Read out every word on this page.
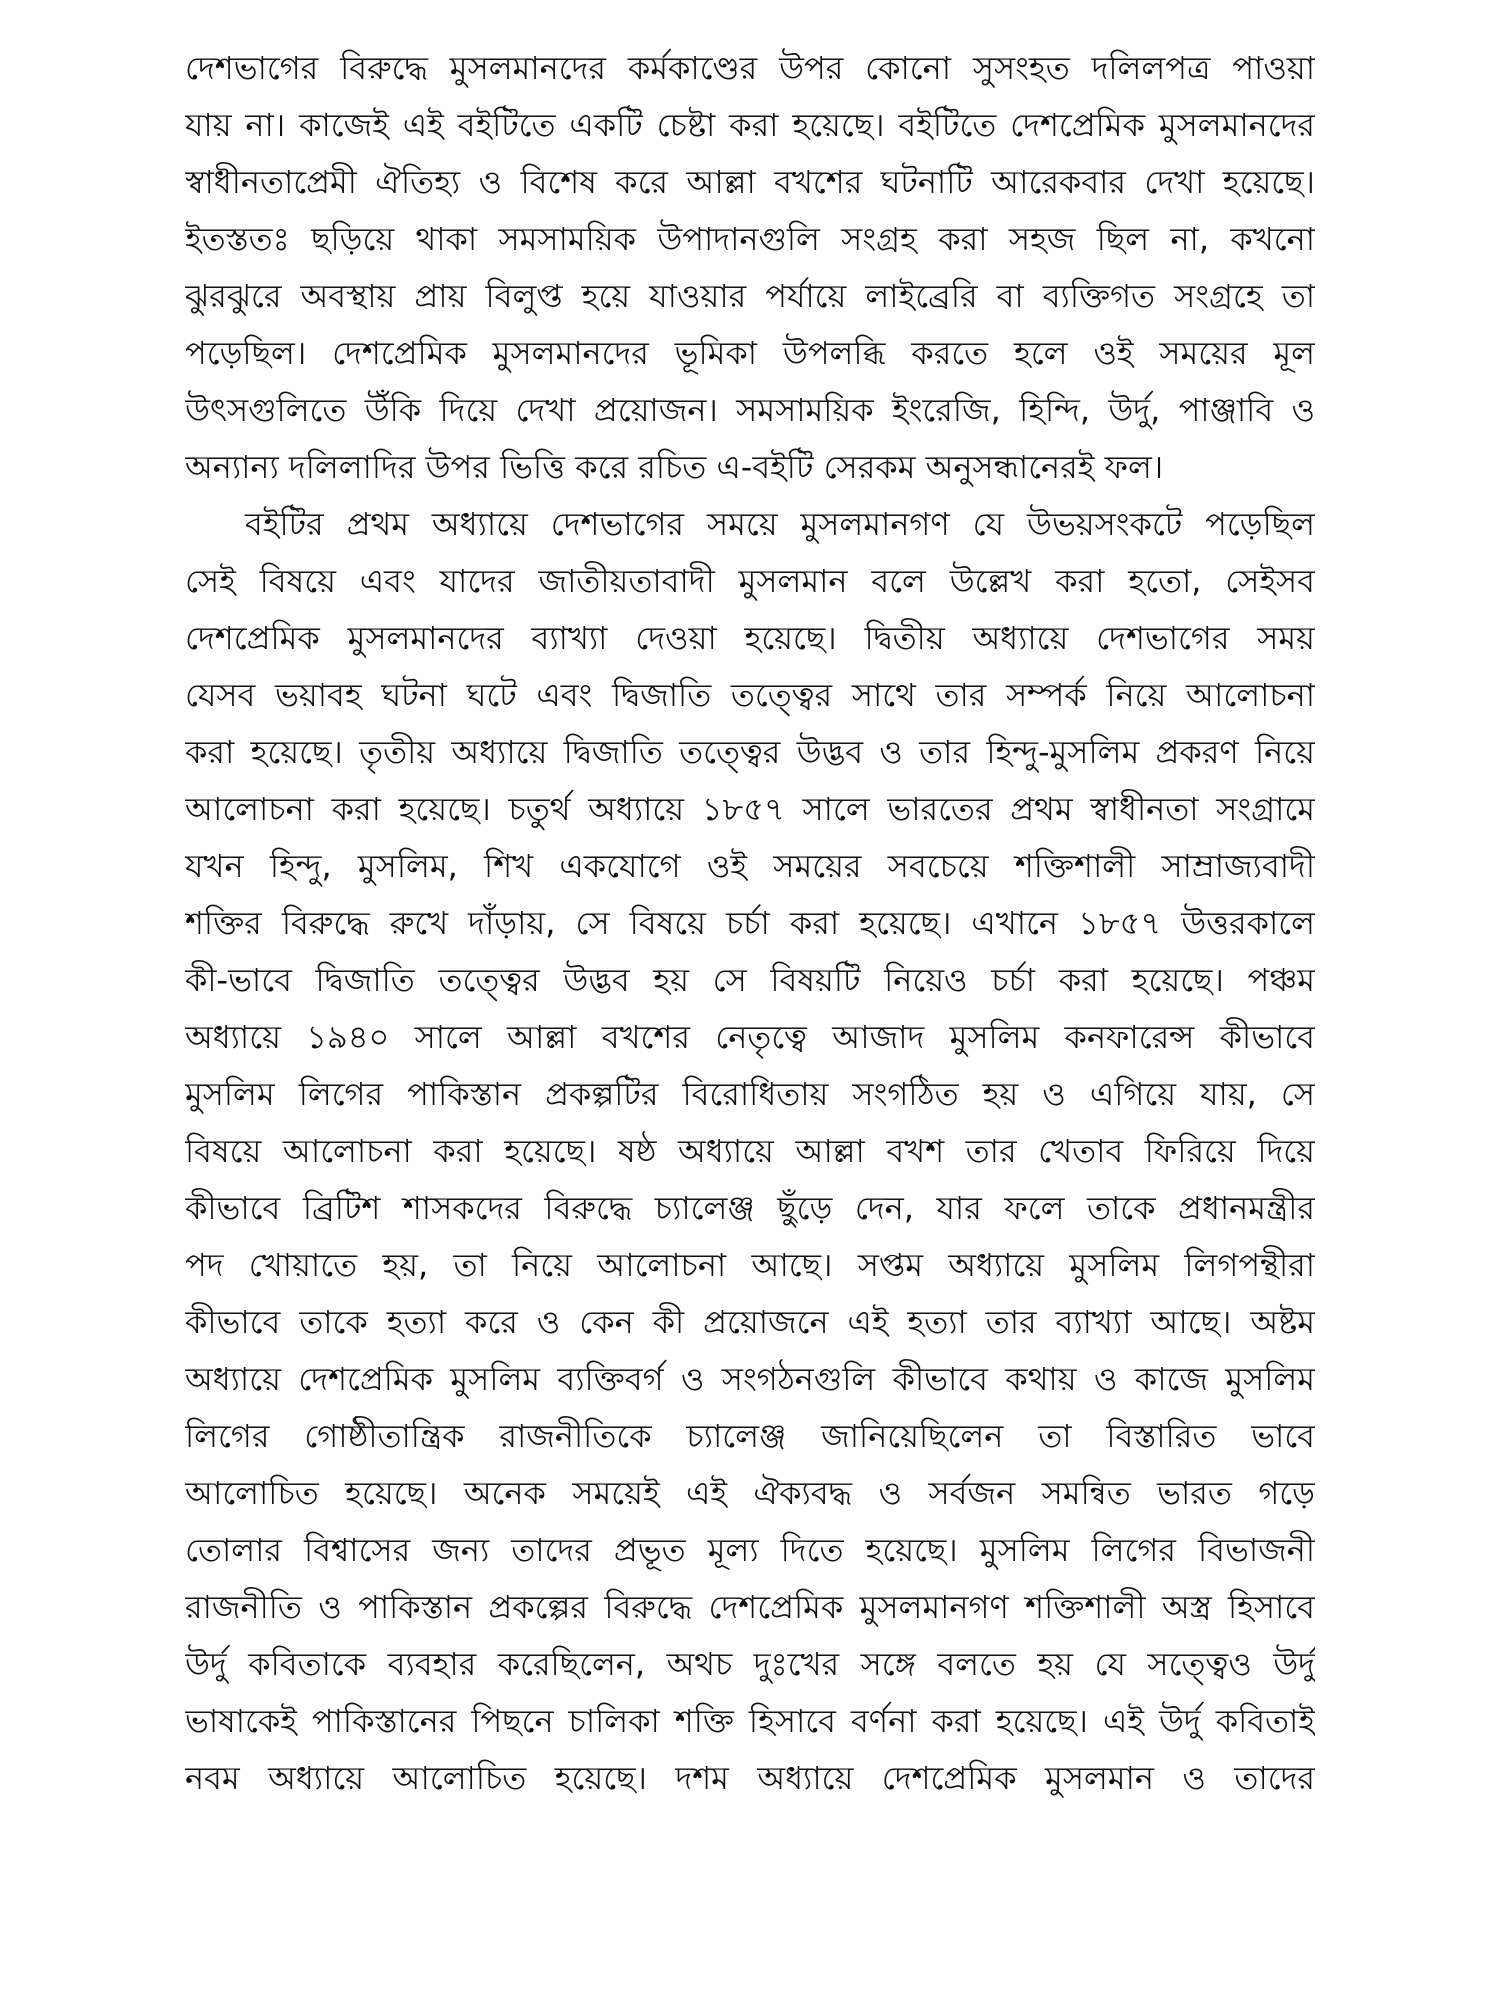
দেশভাগের বিরুদ্ধে মুসলমানদের কর্মকাণ্ডের উপর কোনো সুসংহত দলিলপত্র পাওয়া
যায় না। কাজেই এই বইটিতে একটি চেষ্টা করা হয়েছে। বইটিতে দেশপ্রেমিক মুসলমানদের
স্বাধীনতাপ্রেমী ঐতিহ্য ও বিশেষ করে আল্লা বখশের ঘটনাটি আরেকবার দেখা হয়েছে।
ইতস্ততঃ ছড়িয়ে থাকা সমসাময়িক উপাদানগুলি সংগ্রহ করা সহজ ছিল না, কখনো
ঝুরঝুরে অবস্থায় প্রায় বিলুপ্ত হয়ে যাওয়ার পর্যায়ে লাইব্রেরি বা ব্যক্তিগত সংগ্রহে তা
পড়েছিল। দেশপ্রেমিক মুসলমানদের ভূমিকা উপলব্ধি করতে হলে ওই সময়ের মূল
উৎসগুলিতে উঁকি দিয়ে দেখা প্রয়োজন। সমসাময়িক ইংরেজি, হিন্দি, উর্দু, পাঞ্জাবি ও
অন্যান্য দলিলাদির উপর ভিত্তি করে রচিত এ-বইটি সেরকম অনুসন্ধানেরই ফল।
বইটির প্রথম অধ্যায়ে দেশভাগের সময়ে মুসলমানগণ যে উভয়সংকটে পড়েছিল
সেই বিষয়ে এবং যাদের জাতীয়তাবাদী মুসলমান বলে উল্লেখ করা হতো, সেইসব
দেশপ্রেমিক মুসলমানদের ব্যাখ্যা দেওয়া হয়েছে। দ্বিতীয় অধ্যায়ে দেশভাগের সময়
যেসব ভয়াবহ ঘটনা ঘটে এবং দ্বিজাতি তত্ত্বের সাথে তার সম্পর্ক নিয়ে আলোচনা
করা হয়েছে। তৃতীয় অধ্যায়ে দ্বিজাতি তত্ত্বের উদ্ভব ও তার হিন্দু-মুসলিম প্রকরণ নিয়ে
আলোচনা করা হয়েছে। চতুর্থ অধ্যায়ে ১৮৫৭ সালে ভারতের প্রথম স্বাধীনতা সংগ্রামে
যখন হিন্দু, মুসলিম, শিখ একযোগে ওই সময়ের সবচেয়ে শক্তিশালী সাম্রাজ্যবাদী
শক্তির বিরুদ্ধে রুখে দাঁড়ায়, সে বিষয়ে চর্চা করা হয়েছে। এখানে ১৮৫৭ উত্তরকালে
কী-ভাবে দ্বিজাতি তত্ত্বের উদ্ভব হয় সে বিষয়টি নিয়েও চর্চা করা হয়েছে। পঞ্চম
অধ্যায়ে ১৯৪০ সালে আল্লা বখশের নেতৃত্বে আজাদ মুসলিম কনফারেন্স কীভাবে
মুসলিম লিগের পাকিস্তান প্রকল্পটির বিরোধিতায় সংগঠিত হয় ও এগিয়ে যায়, সে
বিষয়ে আলোচনা করা হয়েছে। ষষ্ঠ অধ্যায়ে আল্লা বখশ তার খেতাব ফিরিয়ে দিয়ে
কীভাবে ব্রিটিশ শাসকদের বিরুদ্ধে চ্যালেঞ্জ ছুঁড়ে দেন, যার ফলে তাকে প্রধানমন্ত্রীর
পদ খোয়াতে হয়, তা নিয়ে আলোচনা আছে। সপ্তম অধ্যায়ে মুসলিম লিগপন্থীরা
কীভাবে তাকে হত্যা করে ও কেন কী প্রয়োজনে এই হত্যা তার ব্যাখ্যা আছে। অষ্টম
অধ্যায়ে দেশপ্রেমিক মুসলিম ব্যক্তিবর্গ ও সংগঠনগুলি কীভাবে কথায় ও কাজে মুসলিম
লিগের গোষ্ঠীতান্ত্রিক রাজনীতিকে চ্যালেঞ্জ জানিয়েছিলেন তা বিস্তারিত ভাবে
আলোচিত হয়েছে। অনেক সময়েই এই ঐক্যবদ্ধ ও সর্বজন সমন্বিত ভারত গড়ে
তোলার বিশ্বাসের জন্য তাদের প্রভূত মূল্য দিতে হয়েছে। মুসলিম লিগের বিভাজনী
রাজনীতি ও পাকিস্তান প্রকল্পের বিরুদ্ধে দেশপ্রেমিক মুসলমানগণ শক্তিশালী অস্ত্র হিসাবে
উর্দু কবিতাকে ব্যবহার করেছিলেন, অথচ দুঃখের সঙ্গে বলতে হয় যে সত্ত্বেও উর্দু
ভাষাকেই পাকিস্তানের পিছনে চালিকা শক্তি হিসাবে বর্ণনা করা হয়েছে। এই উর্দু কবিতাই
নবম অধ্যায়ে আলোচিত হয়েছে। দশম অধ্যায়ে দেশপ্রেমিক মুসলমান ও তাদের
